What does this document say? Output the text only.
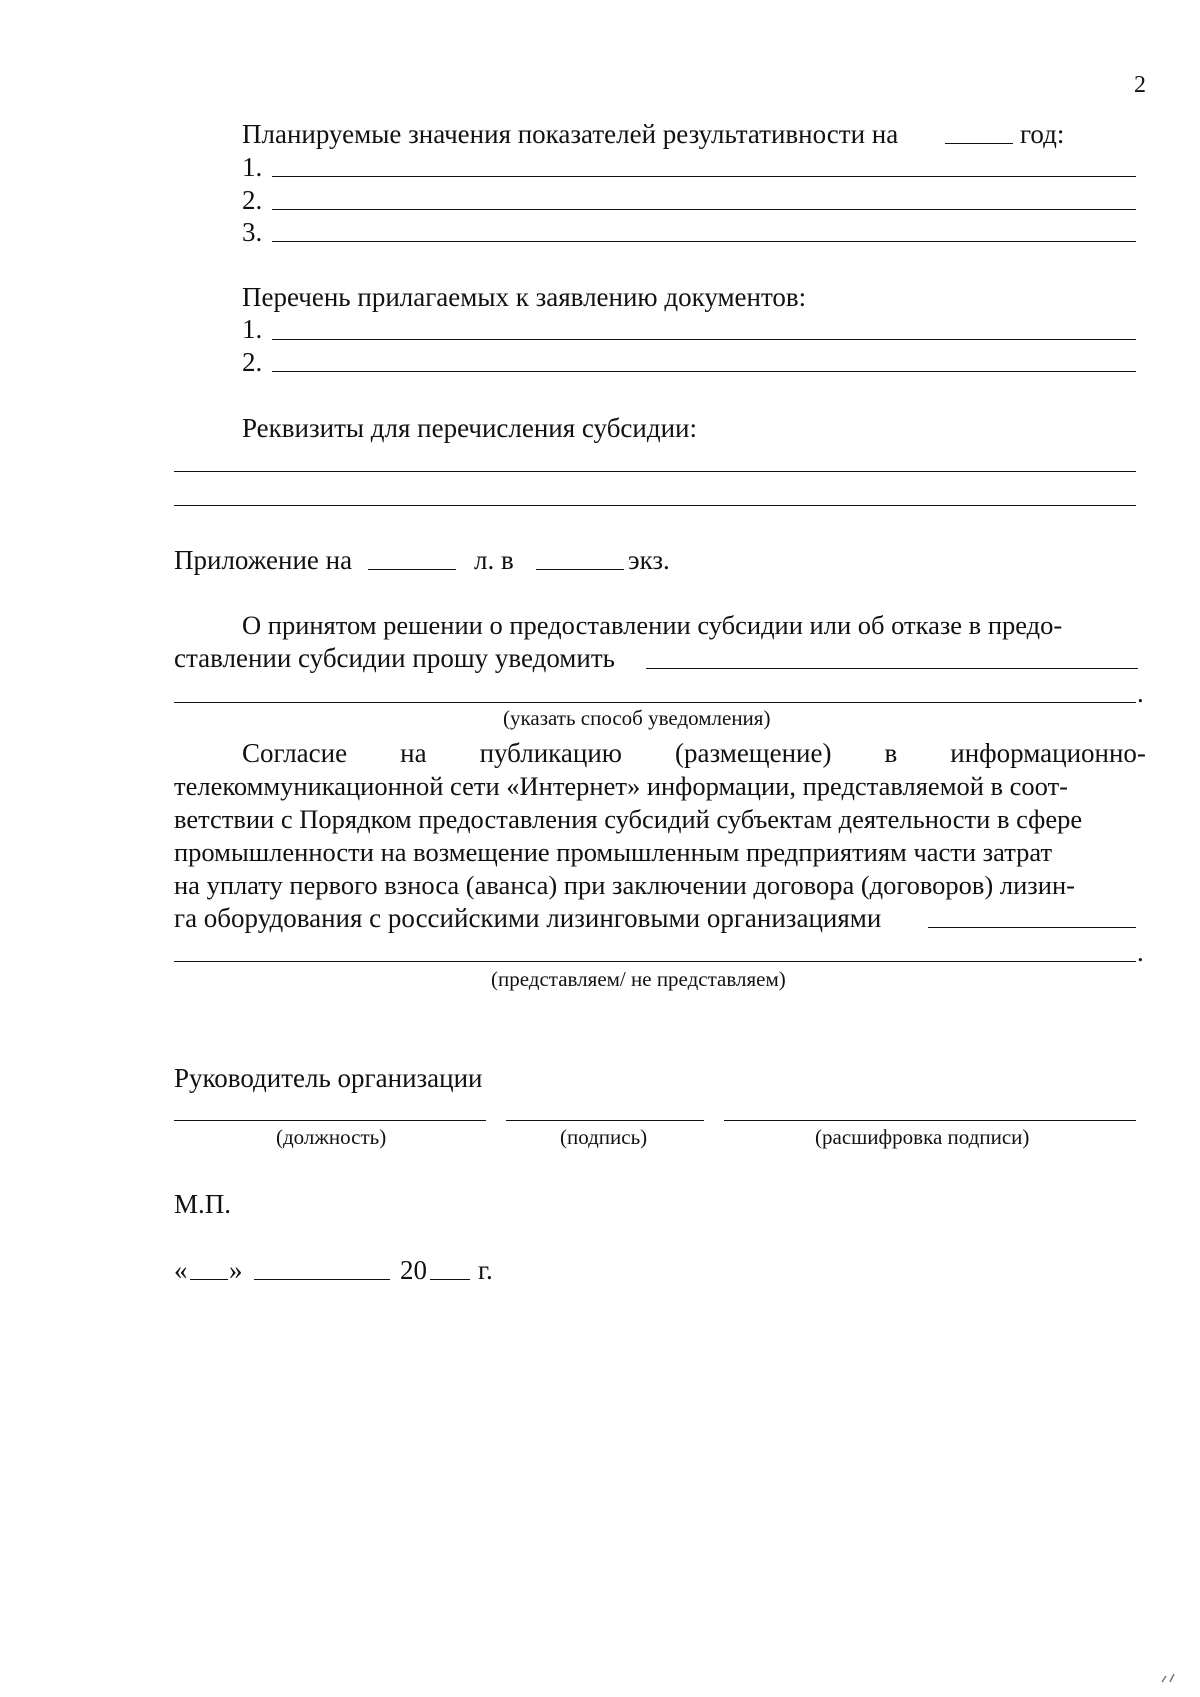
2
Планируемые значения показателей результативности на	год:
1.
2.
3.
Перечень прилагаемых к заявлению документов:
1.
2.
Реквизиты для перечисления субсидии:
Приложение на	л. в	экз.
О принятом решении о предоставлении субсидии или об отказе в предо-
ставлении субсидии прошу уведомить
.
(указать способ уведомления)
Согласие на публикацию (размещение) в информационно-
телекоммуникационной сети «Интернет» информации, представляемой в соот-
ветствии с Порядком предоставления субсидий субъектам деятельности в сфере
промышленности на возмещение промышленным предприятиям части затрат
на уплату первого взноса (аванса) при заключении договора (договоров) лизин-
га оборудования с российскими лизинговыми организациями
.
(представляем/ не представляем)
Руководитель организации
(должность)	(подпись)	(расшифровка подписи)
М.П.
« »	20 г.
